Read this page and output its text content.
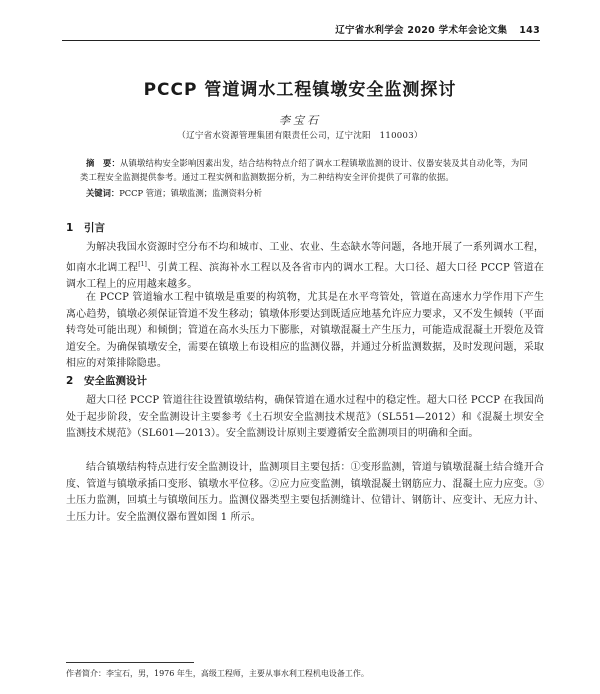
辽宁省水利学会 2020 学术年会论文集 143
PCCP 管道调水工程镇墩安全监测探讨
李宝石
（辽宁省水资源管理集团有限责任公司，辽宁沈阳　110003）
摘　要：从镇墩结构安全影响因素出发，结合结构特点介绍了调水工程镇墩监测的设计、仪器安装及其自动化等，为同类工程安全监测提供参考。通过工程实例和监测数据分析，为二种结构安全评价提供了可靠的依据。
关键词：PCCP 管道；镇墩监测；监测资料分析
1 引言

为解决我国水资源时空分布不均和城市、工业、农业、生态缺水等问题，各地开展了一系列调水工程，如南水北调工程[1]、引黄工程、滨海补水工程以及各省市内的调水工程。大口径、超大口径 PCCP 管道在调水工程上的应用越来越多。

在 PCCP 管道输水工程中镇墩是重要的构筑物，尤其是在水平弯管处，管道在高速水力学作用下产生离心趋势，镇墩必须保证管道不发生移动；镇墩体形要达到既适应地基允许应力要求，又不发生倾转（平面转弯处可能出现）和倾倒；管道在高水头压力下膨胀，对镇墩混凝土产生压力，可能造成混凝土开裂危及管道安全。为确保镇墩安全，需要在镇墩上布设相应的监测仪器，并通过分析监测数据，及时发现问题，采取相应的对策排除隐患。

2 安全监测设计

超大口径 PCCP 管道往往设置镇墩结构，确保管道在通水过程中的稳定性。超大口径 PCCP 在我国尚处于起步阶段，安全监测设计主要参考《土石坝安全监测技术规范》（SL551—2012）和《混凝土坝安全监测技术规范》（SL601—2013）。安全监测设计原则主要遵循安全监测项目的明确和全面。

结合镇墩结构特点进行安全监测设计，监测项目主要包括：①变形监测，管道与镇墩混凝土结合缝开合度、管道与镇墩承插口变形、镇墩水平位移。②应力应变监测，镇墩混凝土钢筋应力、混凝土应力应变。③土压力监测，回填土与镇墩间压力。监测仪器类型主要包括测缝计、位错计、钢筋计、应变计、无应力计、土压力计。安全监测仪器布置如图 1 所示。

作者简介：李宝石，男，1976 年生，高级工程师，主要从事水利工程机电设备工作。
